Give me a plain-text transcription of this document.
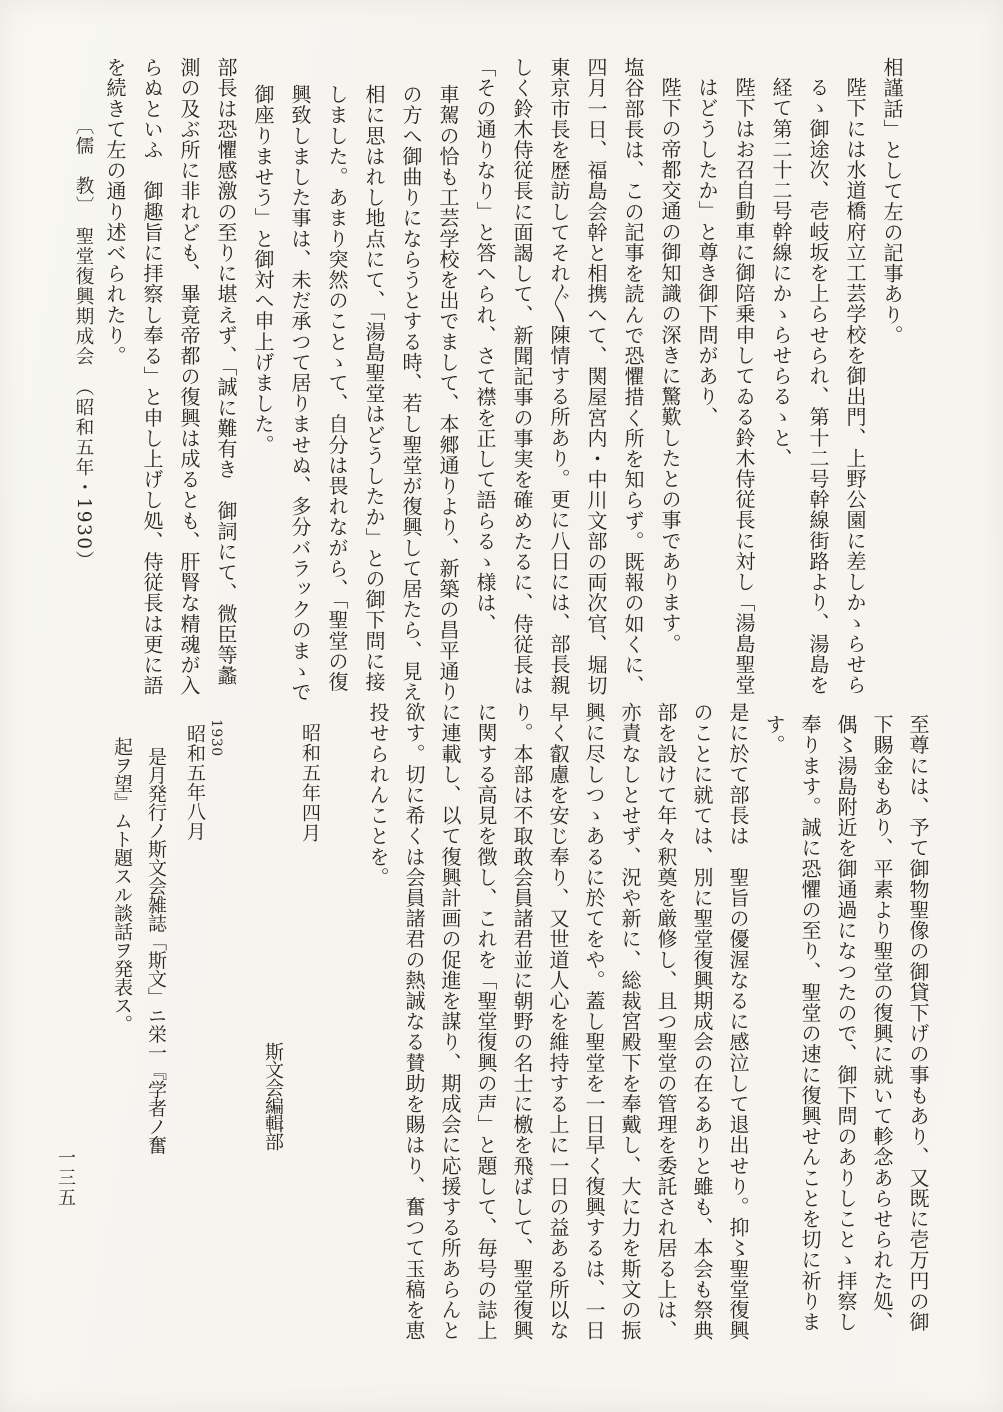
相謹話」として左の記事あり。

陛下には水道橋府立工芸学校を御出門、上野公園に差しかゝらせら

るゝ御途次、壱岐坂を上らせられ、第十二号幹線街路より、湯島を

経て第二十二号幹線にかゝらせらるゝと、

陛下はお召自動車に御陪乗申してゐる鈴木侍従長に対し「湯島聖堂

はどうしたか」と尊き御下問があり、

陛下の帝都交通の御知識の深きに驚歎したとの事であります。

塩谷部長は、この記事を読んで恐懼措く所を知らず。既報の如くに、

四月一日、福島会幹と相携へて、関屋宮内・中川文部の両次官、堀切

東京市長を歴訪してそれ〴〵陳情する所あり。更に八日には、部長親

しく鈴木侍従長に面謁して、新聞記事の事実を確めたるに、侍従長は

「その通りなり」と答へられ、さて襟を正して語らるゝ様は、

車駕の恰も工芸学校を出でまして、本郷通りより、新築の昌平通り

の方へ御曲りにならうとする時、若し聖堂が復興して居たら、見え

相に思はれし地点にて、「湯島聖堂はどうしたか」との御下問に接

しました。あまり突然のことゝて、自分は畏れながら、「聖堂の復

興致しました事は、未だ承つて居りませぬ、多分バラックのまゝで

御座りませう」と御対へ申上げました。

部長は恐懼感激の至りに堪えず、「誠に難有き　御詞にて、微臣等蠡

測の及ぶ所に非れども、畢竟帝都の復興は成るとも、肝腎な精魂が入

らぬといふ　御趣旨に拝察し奉る」と申し上げし処、侍従長は更に語

を続きて左の通り述べられたり。

〔儒　教〕　聖堂復興期成会　（昭和五年・1930）

至尊には、予て御物聖像の御貸下げの事もあり、又既に壱万円の御

下賜金もあり、平素より聖堂の復興に就いて軫念あらせられた処、

偶〻湯島附近を御通過になつたので、御下問のありしことゝ拝察し

奉ります。誠に恐懼の至り、聖堂の速に復興せんことを切に祈りま

す。

是に於て部長は　聖旨の優渥なるに感泣して退出せり。抑〻聖堂復興

のことに就ては、別に聖堂復興期成会の在るありと雖も、本会も祭典

部を設けて年々釈奠を厳修し、且つ聖堂の管理を委託され居る上は、

亦責なしとせず、況や新に、総裁宮殿下を奉戴し、大に力を斯文の振

興に尽しつゝあるに於てをや。蓋し聖堂を一日早く復興するは、一日

早く叡慮を安じ奉り、又世道人心を維持する上に一日の益ある所以な

り。本部は不取敢会員諸君並に朝野の名士に檄を飛ばして、聖堂復興

に関する高見を徴し、これを「聖堂復興の声」と題して、毎号の誌上

に連載し、以て復興計画の促進を謀り、期成会に応援する所あらんと

欲す。切に希くは会員諸君の熱誠なる賛助を賜はり、奮つて玉稿を恵

投せられんことを。

昭和五年四月
斯文会編輯部
1930
昭和五年八月
是月発行ノ斯文会雑誌「斯文」ニ栄一『学者ノ奮
起ヲ望』ムト題スル談話ヲ発表ス。
一三五
